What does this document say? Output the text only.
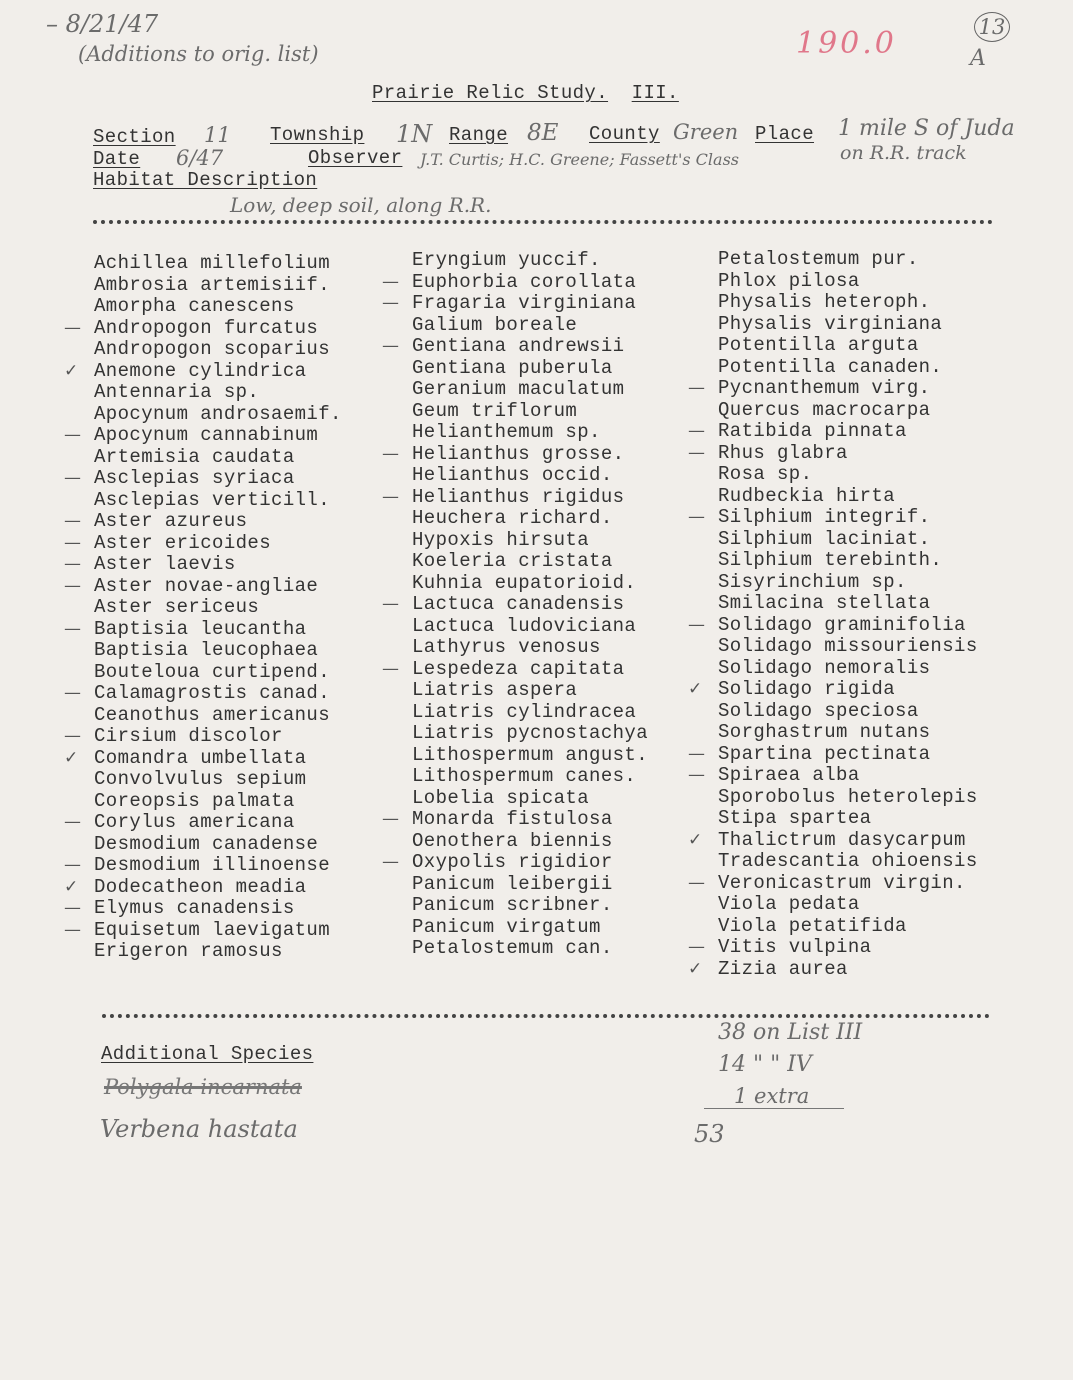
– 8/21/47
(Additions to orig. list)	190.0	13
A
Prairie Relic Study. III.
Section 11 Township 1N Range 8E County Green Place 1 mile S of Juda
on R.R. track
Date 6/47	Observer J.T. Curtis; H.C. Greene; Fassett's Class
Habitat Description
Low, deep soil, along R.R.
Achillea millefolium
Ambrosia artemisiif.
Amorpha canescens
— Andropogon furcatus
Andropogon scoparius
✓ Anemone cylindrica
Antennaria sp.
Apocynum androsaemif.
— Apocynum cannabinum
Artemisia caudata
— Asclepias syriaca
Asclepias verticill.
— Aster azureus
— Aster ericoides
— Aster laevis
— Aster novae-angliae
Aster sericeus
— Baptisia leucantha
Baptisia leucophaea
Bouteloua curtipend.
— Calamagrostis canad.
Ceanothus americanus
— Cirsium discolor
✓ Comandra umbellata
Convolvulus sepium
Coreopsis palmata
— Corylus americana
Desmodium canadense
— Desmodium illinoense
✓ Dodecatheon meadia
— Elymus canadensis
— Equisetum laevigatum
Erigeron ramosus
Eryngium yuccif.
— Euphorbia corollata
— Fragaria virginiana
Galium boreale
— Gentiana andrewsii
Gentiana puberula
Geranium maculatum
Geum triflorum
Helianthemum sp.
— Helianthus grosse.
Helianthus occid.
— Helianthus rigidus
Heuchera richard.
Hypoxis hirsuta
Koeleria cristata
Kuhnia eupatorioid.
— Lactuca canadensis
Lactuca ludoviciana
Lathyrus venosus
— Lespedeza capitata
Liatris aspera
Liatris cylindracea
Liatris pycnostachya
Lithospermum angust.
Lithospermum canes.
Lobelia spicata
— Monarda fistulosa
Oenothera biennis
— Oxypolis rigidior
Panicum leibergii
Panicum scribner.
Panicum virgatum
Petalostemum can.
Petalostemum pur.
Phlox pilosa
Physalis heteroph.
Physalis virginiana
Potentilla arguta
Potentilla canaden.
— Pycnanthemum virg.
Quercus macrocarpa
— Ratibida pinnata
— Rhus glabra
Rosa sp.
Rudbeckia hirta
— Silphium integrif.
Silphium laciniat.
Silphium terebinth.
Sisyrinchium sp.
Smilacina stellata
— Solidago graminifolia
Solidago missouriensis
Solidago nemoralis
✓ Solidago rigida
Solidago speciosa
Sorghastrum nutans
— Spartina pectinata
— Spiraea alba
Sporobolus heterolepis
Stipa spartea
✓ Thalictrum dasycarpum
Tradescantia ohioensis
— Veronicastrum virgin.
Viola pedata
Viola petatifida
— Vitis vulpina
✓ Zizia aurea
Additional Species
Polygala incarnata
Verbena hastata
38 on List III
14 " " IV
1 extra
53
